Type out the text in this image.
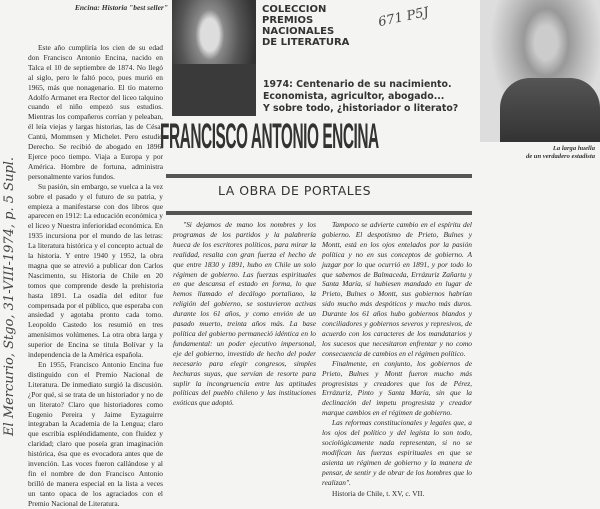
Encina: Historia "best seller"

Este año cumpliría los cien de su edad don Francisco Antonio Encina, nacido en Talca el 10 de septiembre de 1874. No llegó al siglo, pero le faltó poco, pues murió en 1965, más que nonagenario. El tío materno Adolfo Armanet era Rector del liceo talquino cuando el niño empezó sus estudios. Mientras los compañeros corrían y peleaban, él leía viejas y largas historias, las de César Cantú, Mommsen y Michelet. Pero estudió Derecho. Se recibió de abogado en 1896. Ejerce poco tiempo. Viaja a Europa y por América. Hombre de fortuna, administra personalmente varios fundos.

Su pasión, sin embargo, se vuelca a la vez sobre el pasado y el futuro de su patria, y empieza a manifestarse con dos libros que aparecen en 1912: La educación económica y el liceo y Nuestra inferioridad económica. En 1935 incursiona por el mundo de las letras: La literatura histórica y el concepto actual de la historia. Y entre 1940 y 1952, la obra magna que se atrevió a publicar don Carlos Nascimento, su Historia de Chile en 20 tomos que comprende desde la prehistoria hasta 1891. La osadía del editor fue compensada por el público, que esperaba con ansiedad y agotaba pronto cada tomo. Leopoldo Castedo los resumió en tres amenísimos volúmenes. La otra obra larga y superior de Encina se titula Bolívar y la independencia de la América española.

En 1955, Francisco Antonio Encina fue distinguido con el Premio Nacional de Literatura. De inmediato surgió la discusión. ¿Por qué, si se trata de un historiador y no de un literato? Claro que historiadores como Eugenio Pereira y Jaime Eyzaguirre integraban la Academia de la Lengua; claro que escribía espléndidamente, con fluidez y claridad; claro que poseía gran imaginación histórica, ésa que es evocadora antes que de invención. Las voces fueron callándose y al fin el nombre de don Francisco Antonio brilló de manera especial en la lista a veces un tanto opaca de los agraciados con el Premio Nacional de Literatura.

COLECCION
PREMIOS
NACIONALES
DE LITERATURA
671 P5J
1974: Centenario de su nacimiento.
Economista, agricultor, abogado...
Y sobre todo, ¿historiador o literato?
FRANCISCO ANTONIO ENCINA	La larga huella
de un verdadero estadista
LA OBRA DE PORTALES

"Si dejamos de mano los nombres y los programas de los partidos y la palabrería hueca de los escritores políticos, para mirar la realidad, resalta con gran fuerza el hecho de que entre 1830 y 1891, hubo en Chile un solo régimen de gobierno. Las fuerzas espirituales en que descansa el estado en forma, lo que hemos llamado el decálogo portaliano, la religión del gobierno, se sostuvieron activas durante los 61 años, y como envión de un pasado muerto, treinta años más. La base política del gobierno permaneció idéntica en lo fundamental: un poder ejecutivo impersonal, eje del gobierno, investido de hecho del poder necesario para elegir congresos, simples hechuras suyas, que servían de resorte para suplir la incongruencia entre las aptitudes políticas del pueblo chileno y las instituciones exóticas que adoptó.

Tampoco se advierte cambio en el espíritu del gobierno. El despotismo de Prieto, Bulnes y Montt, está en los ojos entelados por la pasión política y no en sus conceptos de gobierno. A juzgar por lo que ocurrió en 1891, y por todo lo que sabemos de Balmaceda, Errázuriz Zañartu y Santa María, si hubiesen mandado en lugar de Prieto, Bulnes o Montt, sus gobiernos habrían sido mucho más despóticos y mucho más duros. Durante los 61 años hubo gobiernos blandos y conciliadores y gobiernos severos y represivos, de acuerdo con los caracteres de los mandatarios y los sucesos que necesitaron enfrentar y no como consecuencia de cambios en el régimen político.

Finalmente, en conjunto, los gobiernos de Prieto, Bulnes y Montt fueron mucho más progresistas y creadores que los de Pérez, Errázuriz, Pinto y Santa María, sin que la declinación del impetu progresista y creador marque cambios en el régimen de gobierno.

Las reformas constitucionales y legales que, a los ojos del político y del legista lo son todo, sociológicamente nada representan, si no se modifican las fuerzas espirituales en que se asienta un régimen de gobierno y la manera de pensar, de sentir y de obrar de los hombres que lo realizan".

Historia de Chile, t. XV, c. VII.
El Mercurio, Stgo, 31-VIII-1974, p. 5 Supl.
